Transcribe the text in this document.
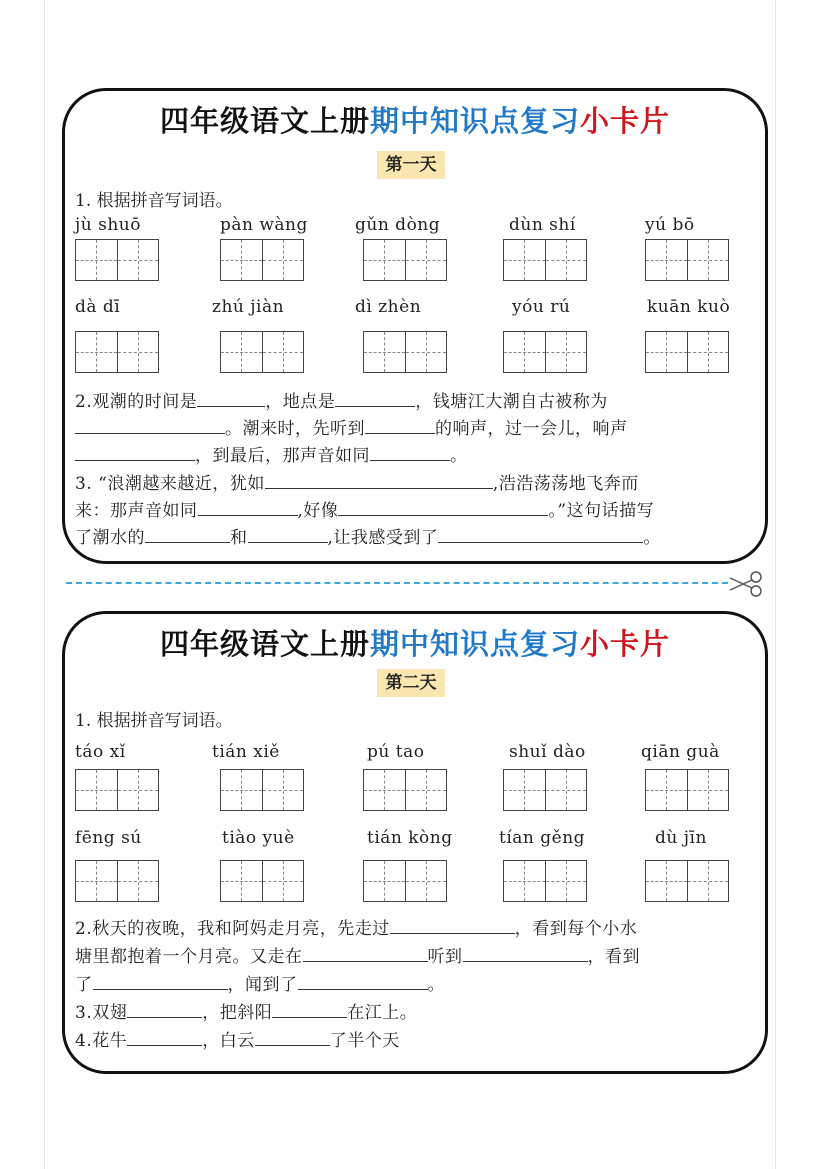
四年级语文上册期中知识点复习小卡片
第一天
1. 根据拼音写词语。
jù shuō	pàn wàng	gǔn dòng	dùn shí	yú bō
dà dī	zhú jiàn	dì zhèn	yóu rú	kuān kuò
2.观潮的时间是	，地点是	，钱塘江大潮自古被称为
。潮来时，先听到	的响声，过一会儿，响声
，到最后，那声音如同	。
3. “浪潮越来越近，犹如	,浩浩荡荡地飞奔而
来：那声音如同	,好像	。”这句话描写
了潮水的	和	,让我感受到了	。
四年级语文上册期中知识点复习小卡片
第二天
1. 根据拼音写词语。
táo xǐ	tián xiě	pú tao	shuǐ dào	qiān guà
fēng sú	tiào yuè	tián kòng	tían gěng	dù jīn
2.秋天的夜晚，我和阿妈走月亮，先走过	，看到每个小水
塘里都抱着一个月亮。又走在	听到	，看到
了	，闻到了	。
3.双翅	，把斜阳	在江上。
4.花牛	，白云	了半个天
